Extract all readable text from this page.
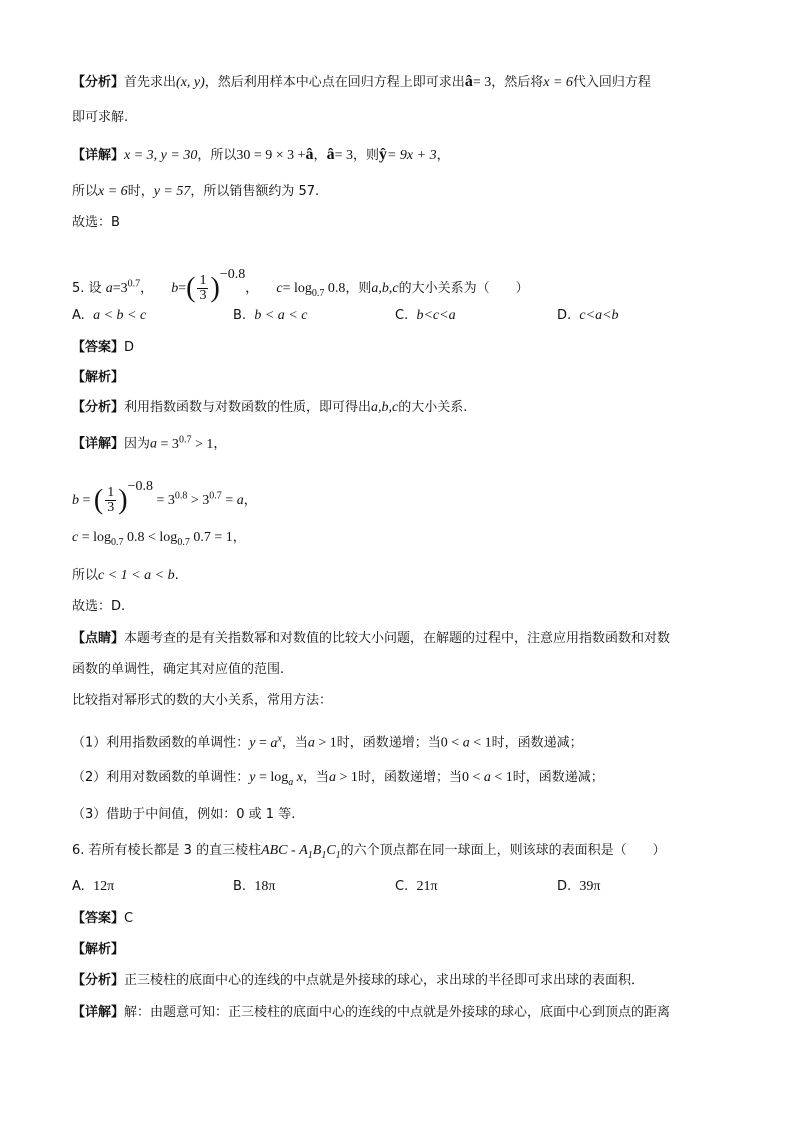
【分析】首先求出(x, y)，然后利用样本中心点在回归方程上即可求出â= 3，然后将x = 6代入回归方程
即可求解.
【详解】x = 3, y = 30，所以30 = 9 × 3 +â，â= 3，则ŷ= 9x + 3，
所以x = 6时，y = 57，所以销售额约为 57.
故选：B
5. 设 $a=3^{0.7}$， $b=( \frac{1}{3} )^{-0.8}$， $c= \log_{0.7} 0.8$，则a,b,c的大小关系为（　　）
A. a < b < c	B. b < a < c	C. b<c<a	D. c<a<b
【答案】D
【解析】
【分析】利用指数函数与对数函数的性质，即可得出a,b,c的大小关系.
【详解】因为$a = 3^{0.7} > 1$，
b = ( $\frac{1}{3} )^{-0.8} = 3^{0.8} > 3^{0.7} = a$，
$c = \log_{0.7} 0.8 < \log_{0.7} 0.7 = 1$，
所以c < 1 < a < b.
故选：D.
【点睛】本题考查的是有关指数幂和对数值的比较大小问题，在解题的过程中，注意应用指数函数和对数
函数的单调性，确定其对应值的范围.
比较指对幂形式的数的大小关系，常用方法：
（1）利用指数函数的单调性：$y = a^x$，当a > 1时，函数递增；当0 < a < 1时，函数递减；
（2）利用对数函数的单调性：$y = \log_a x$，当a > 1时，函数递增；当0 < a < 1时，函数递减；
（3）借助于中间值，例如：0 或 1 等.
6. 若所有棱长都是 3 的直三棱柱ABC - $A_1B_1C_1$的六个顶点都在同一球面上，则该球的表面积是（　　）
A. 12π	B. 18π	C. 21π	D. 39π
【答案】C
【解析】
【分析】正三棱柱的底面中心的连线的中点就是外接球的球心，求出球的半径即可求出球的表面积．
【详解】解：由题意可知：正三棱柱的底面中心的连线的中点就是外接球的球心，底面中心到顶点的距离
